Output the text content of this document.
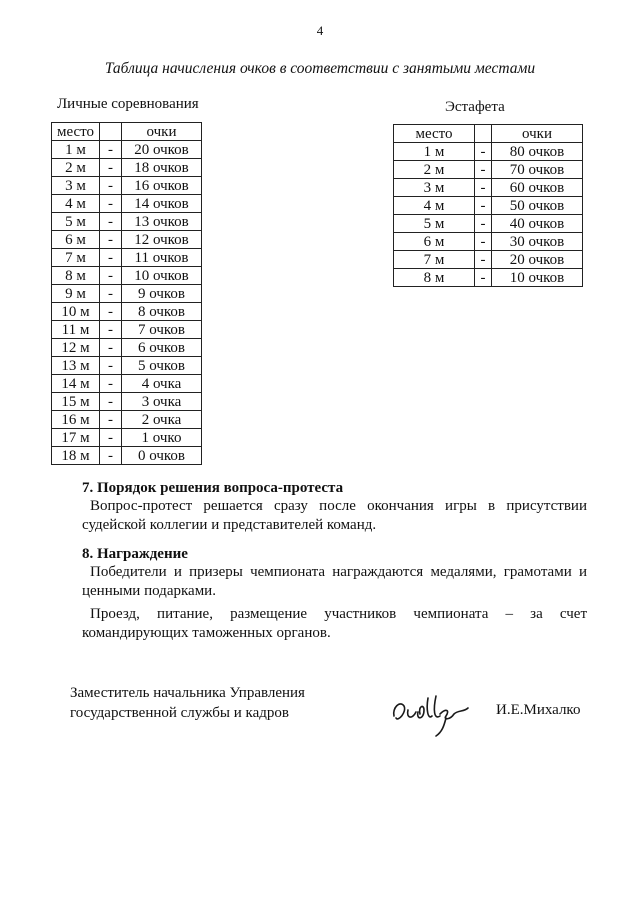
4
Таблица начисления очков в соответствии с занятыми местами
Личные соревнования	Эстафета
место		очки
1 м	-	20 очков
2 м	-	18 очков
3 м	-	16 очков
4 м	-	14 очков
5 м	-	13 очков
6 м	-	12 очков
7 м	-	11 очков
8 м	-	10 очков
9 м	-	9 очков
10 м	-	8 очков
11 м	-	7 очков
12 м	-	6 очков
13 м	-	5 очков
14 м	-	4 очка
15 м	-	3 очка
16 м	-	2 очка
17 м	-	1 очко
18 м	-	0 очков
место		очки
1 м	-	80 очков
2 м	-	70 очков
3 м	-	60 очков
4 м	-	50 очков
5 м	-	40 очков
6 м	-	30 очков
7 м	-	20 очков
8 м	-	10 очков
7. Порядок решения вопроса-протеста

Вопрос-протест решается сразу после окончания игры в присутствии судейской коллегии и представителей команд.

8. Награждение

Победители и призеры чемпионата награждаются медалями, грамотами и ценными подарками.

Проезд, питание, размещение участников чемпионата – за счет командирующих таможенных органов.

Заместитель начальника Управления
государственной службы и кадров	И.Е.Михалко
